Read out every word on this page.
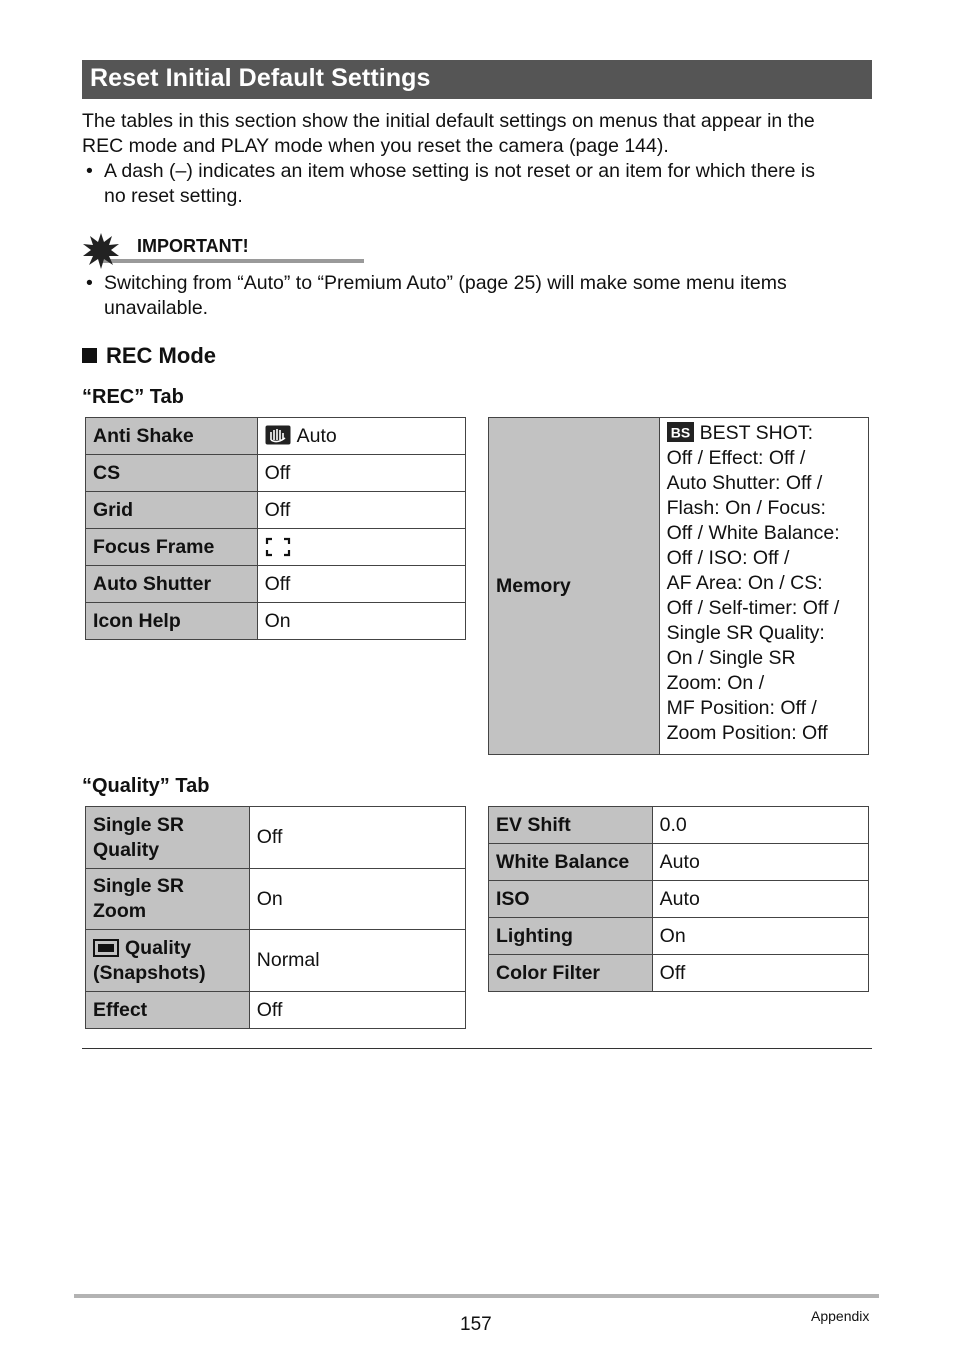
Reset Initial Default Settings
The tables in this section show the initial default settings on menus that appear in the
REC mode and PLAY mode when you reset the camera (page 144).
• A dash (–) indicates an item whose setting is not reset or an item for which there is
no reset setting.
IMPORTANT!
• Switching from “Auto” to “Premium Auto” (page 25) will make some menu items
unavailable.
REC Mode
“REC” Tab
Anti Shake	Auto
CS	Off
Grid	Off
Focus Frame	
Auto Shutter	Off
Icon Help	On
Memory	
BS BEST SHOT:
Off / Effect: Off /
Auto Shutter: Off /
Flash: On / Focus:
Off / White Balance:
Off / ISO: Off /
AF Area: On / CS:
Off / Self-timer: Off /
Single SR Quality:
On / Single SR
Zoom: On /
MF Position: Off /
Zoom Position: Off
“Quality” Tab
Single SR
Quality	Off

Single SR
Zoom	On

Quality
(Snapshots)	Normal
Effect	Off
EV Shift	0.0
White Balance	Auto
ISO	Auto
Lighting	On
Color Filter	Off
157	Appendix
